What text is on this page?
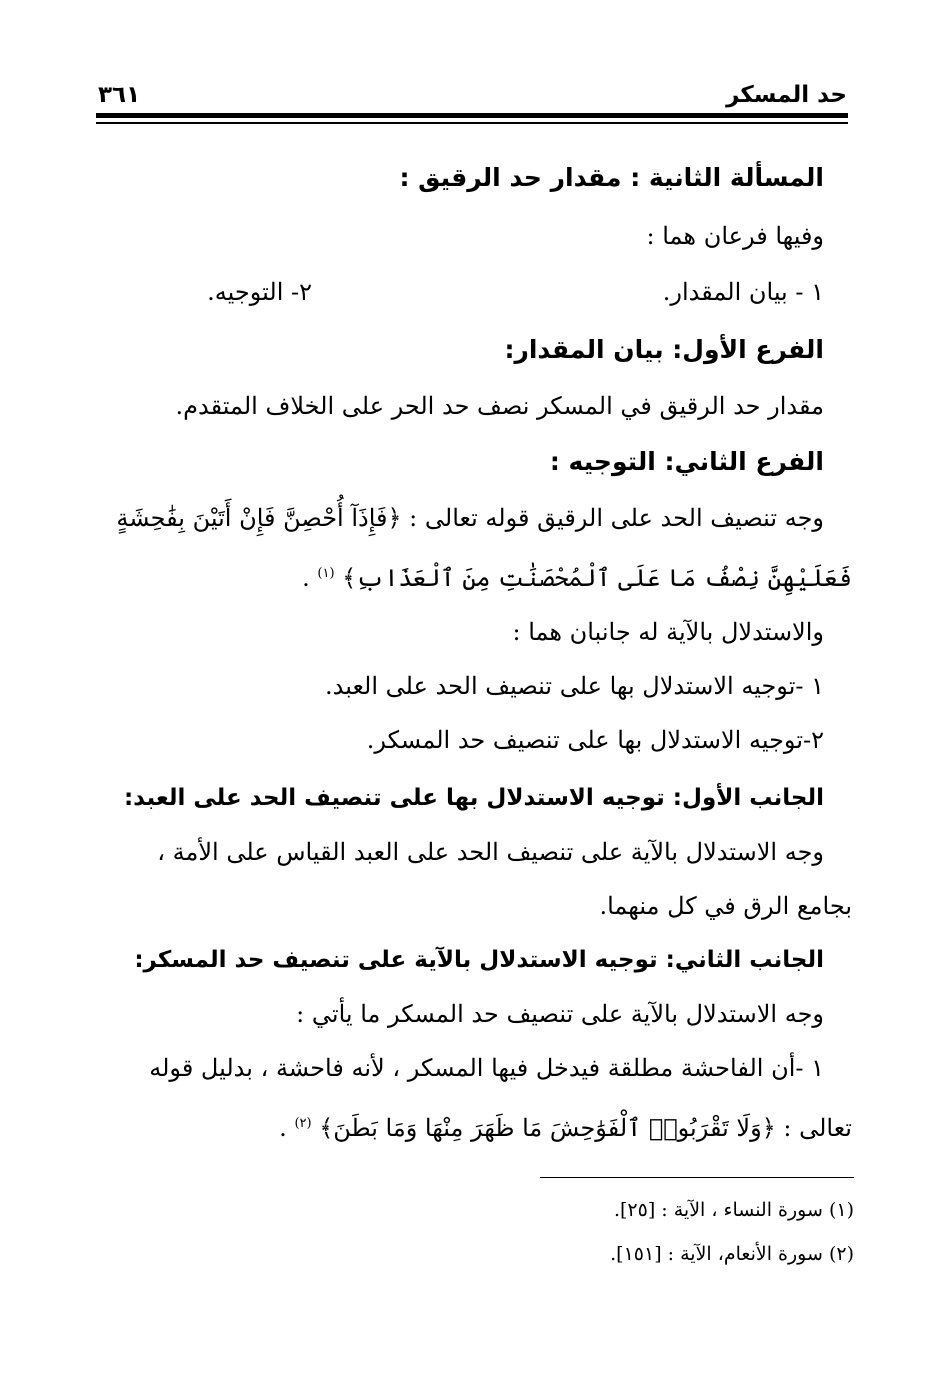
حد المسكر
٣٦١
المسألة الثانية : مقدار حد الرقيق :
وفيها فرعان هما :
١ - بيان المقدار.
٢- التوجيه.
الفرع الأول: بيان المقدار:
مقدار حد الرقيق في المسكر نصف حد الحر على الخلاف المتقدم.
الفرع الثاني: التوجيه :
وجه تنصيف الحد على الرقيق قوله تعالى : ﴿فَإِذَآ أُحْصِنَّ فَإِنْ أَتَيْنَ بِفَٰحِشَةٍ
فَعَلَيْهِنَّ نِصْفُ مَا عَلَى ٱلْمُحْصَنَٰتِ مِنَ ٱلْعَذَابِ﴾ $^{(١)}$ .
والاستدلال بالآية له جانبان هما :
١ -توجيه الاستدلال بها على تنصيف الحد على العبد.
٢-توجيه الاستدلال بها على تنصيف حد المسكر.
الجانب الأول: توجيه الاستدلال بها على تنصيف الحد على العبد:
وجه الاستدلال بالآية على تنصيف الحد على العبد القياس على الأمة ،
بجامع الرق في كل منهما.
الجانب الثاني: توجيه الاستدلال بالآية على تنصيف حد المسكر:
وجه الاستدلال بالآية على تنصيف حد المسكر ما يأتي :
١ -أن الفاحشة مطلقة فيدخل فيها المسكر ، لأنه فاحشة ، بدليل قوله
تعالى : ﴿وَلَا تَقْرَبُوا۟ ٱلْفَوَٰحِشَ مَا ظَهَرَ مِنْهَا وَمَا بَطَنَ﴾ $^{(٢)}$ .
(١) سورة النساء ، الآية : [٢٥].
(٢) سورة الأنعام، الآية : [١٥١].
